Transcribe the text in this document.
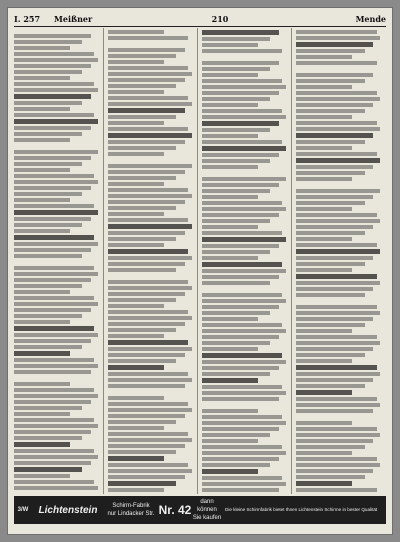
I. 257	Meißner	210	Mende
3/W	Lichtenstein	Schirm-Fabrik
nur Lindacker Str. Nr. 42
dann können Sie kaufen
Die kleine Schirmfabrik bietet Ihnen Lichtenstein Schirme in bester Qualität
